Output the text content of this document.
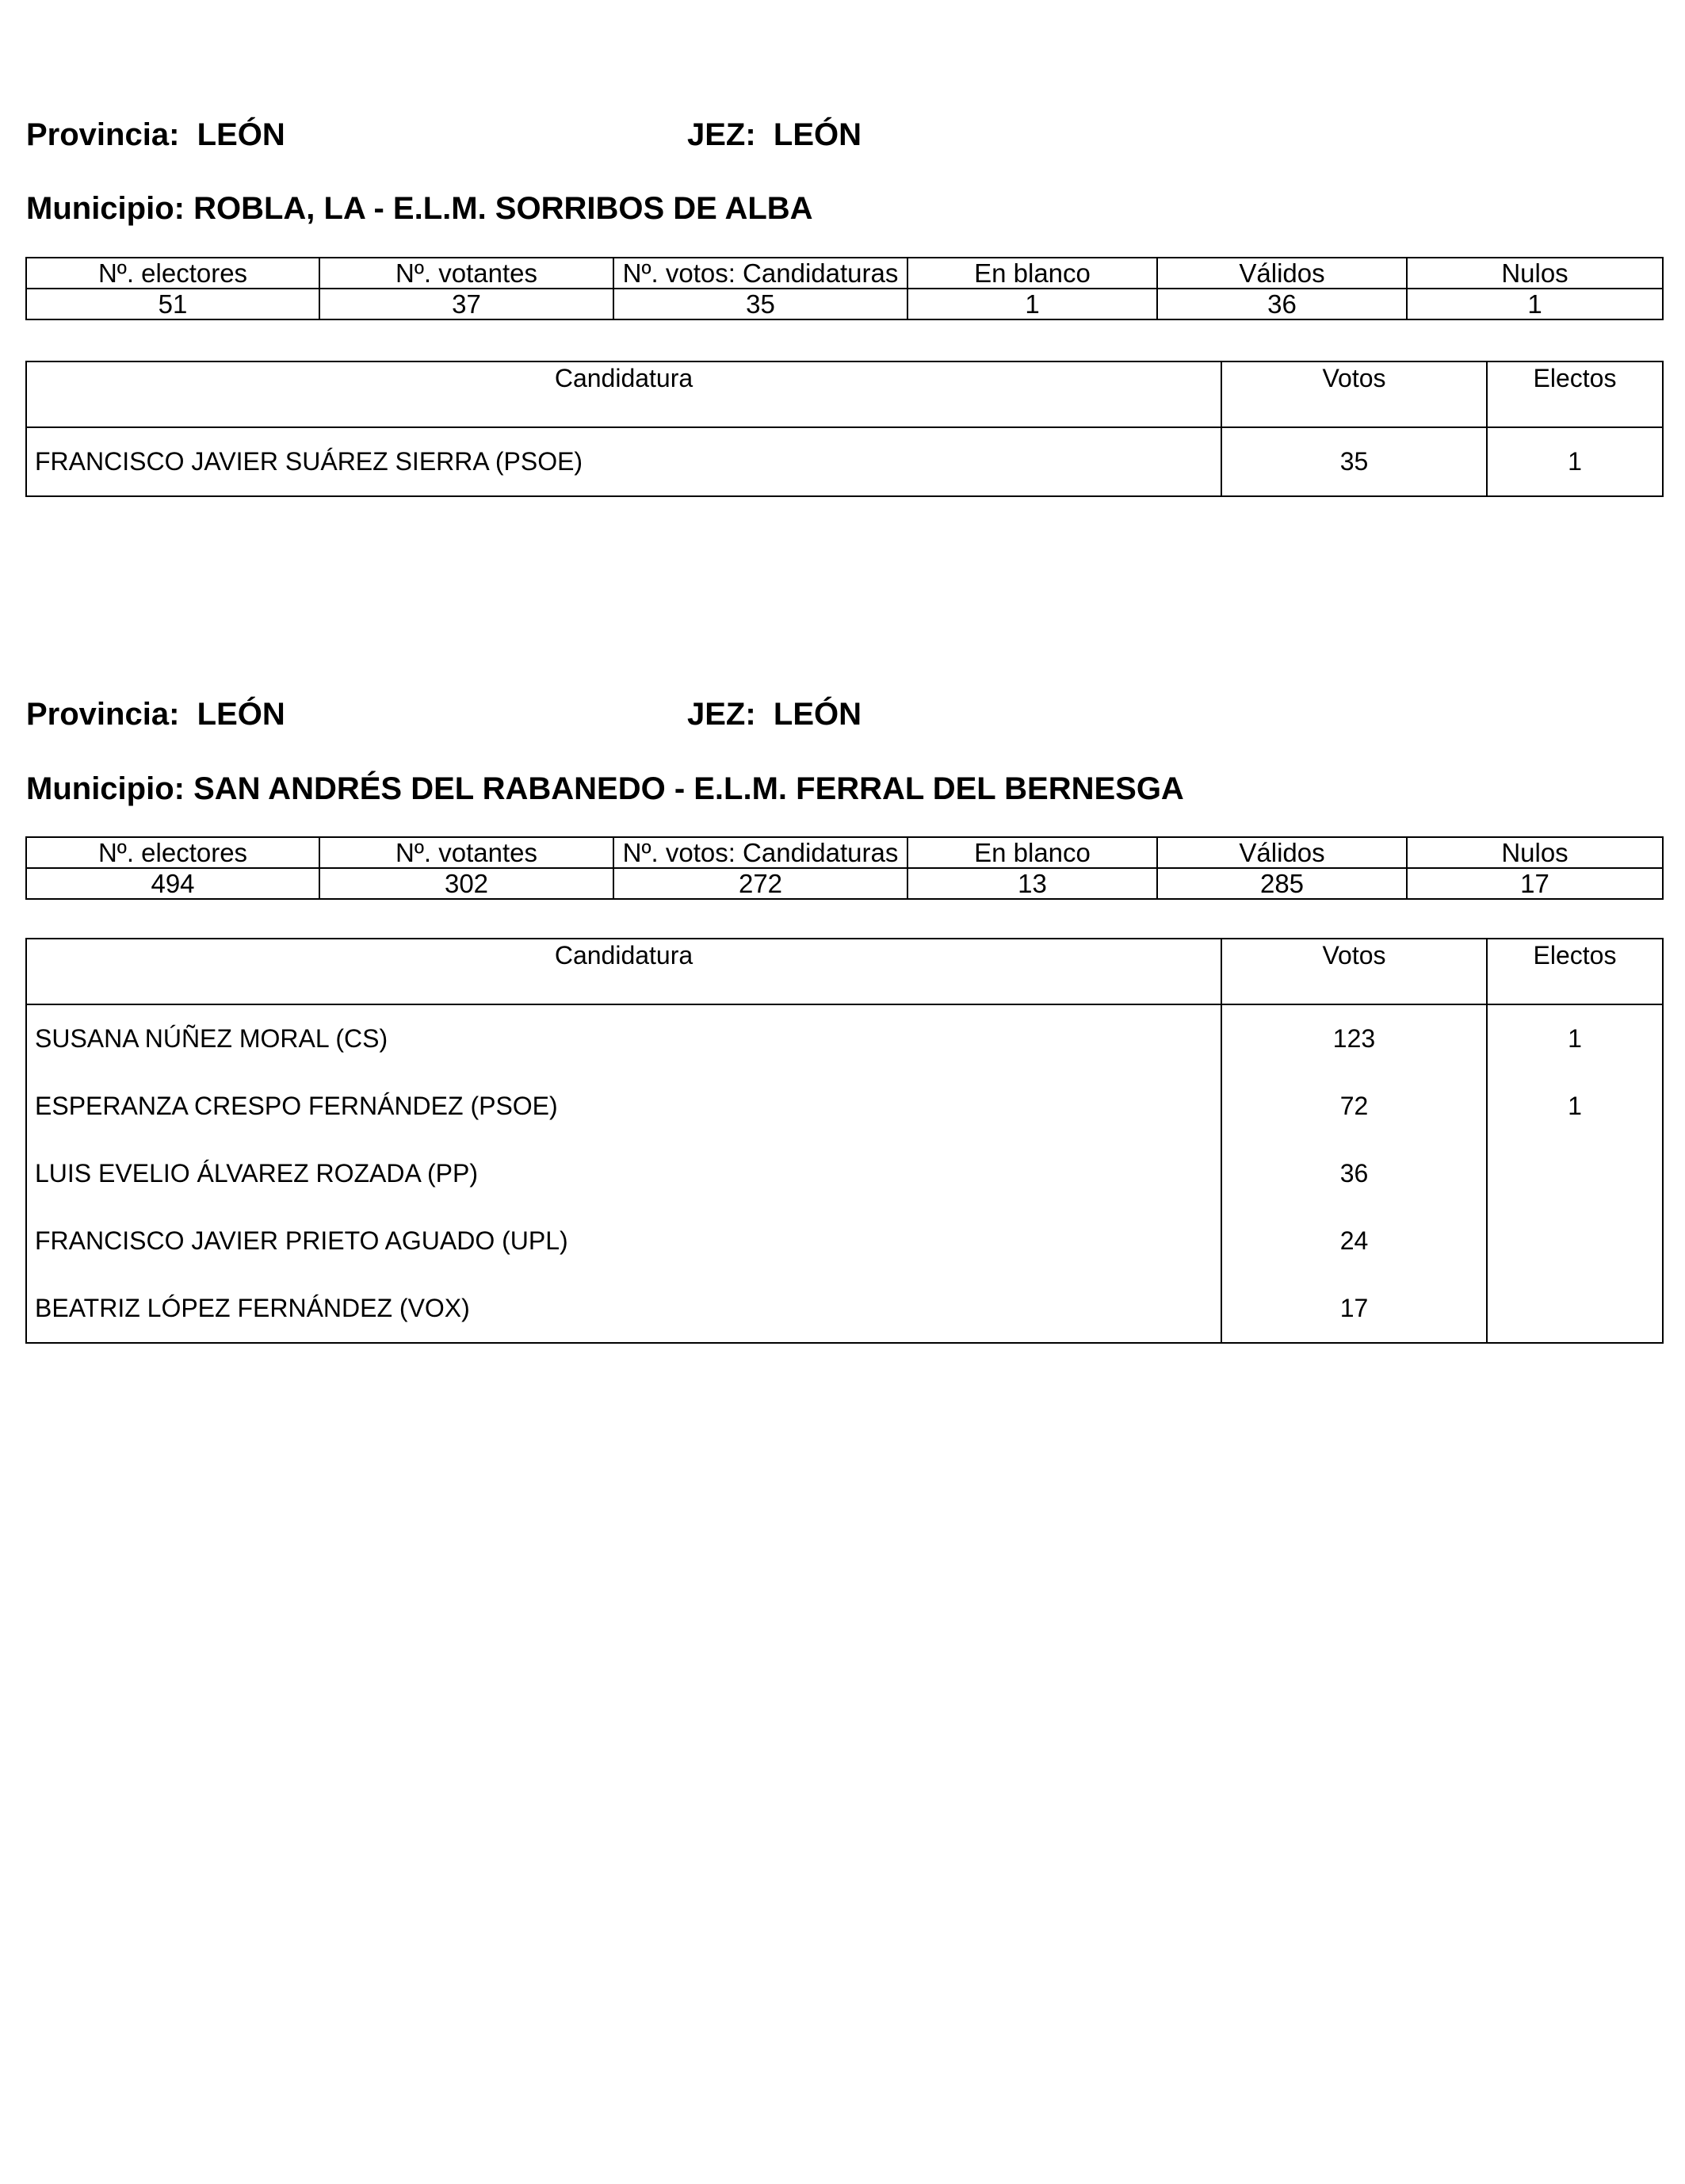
Provincia: LEÓN	JEZ: LEÓN
Municipio: ROBLA, LA - E.L.M. SORRIBOS DE ALBA
Nº. electores	Nº. votantes	Nº. votos: Candidaturas	En blanco	Válidos	Nulos
51	37	35	1	36	1
Candidatura	Votos	Electos
FRANCISCO JAVIER SUÁREZ SIERRA (PSOE)	35	1
Provincia: LEÓN	JEZ: LEÓN
Municipio: SAN ANDRÉS DEL RABANEDO - E.L.M. FERRAL DEL BERNESGA
Nº. electores	Nº. votantes	Nº. votos: Candidaturas	En blanco	Válidos	Nulos
494	302	272	13	285	17
Candidatura	Votos	Electos
SUSANA NÚÑEZ MORAL (CS)	123	1
ESPERANZA CRESPO FERNÁNDEZ (PSOE)	72	1
LUIS EVELIO ÁLVAREZ ROZADA (PP)	36	
FRANCISCO JAVIER PRIETO AGUADO (UPL)	24	
BEATRIZ LÓPEZ FERNÁNDEZ (VOX)	17	
